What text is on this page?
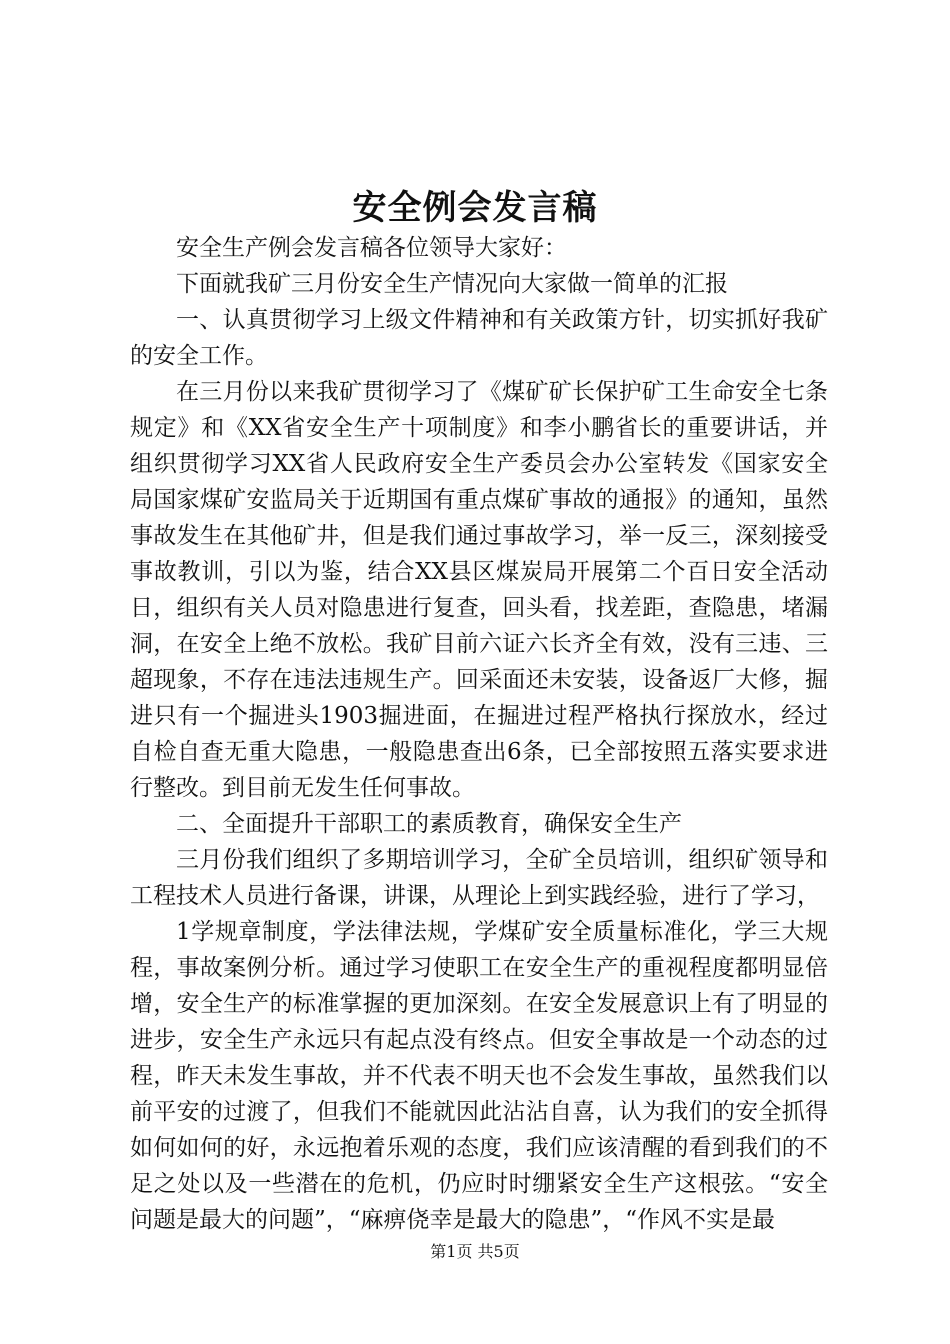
安全例会发言稿

安全生产例会发言稿各位领导大家好：

下面就我矿三月份安全生产情况向大家做一简单的汇报

一、认真贯彻学习上级文件精神和有关政策方针，切实抓好我矿的安全工作。

在三月份以来我矿贯彻学习了《煤矿矿长保护矿工生命安全七条规定》和《XX省安全生产十项制度》和李小鹏省长的重要讲话，并组织贯彻学习XX省人民政府安全生产委员会办公室转发《国家安全局国家煤矿安监局关于近期国有重点煤矿事故的通报》的通知，虽然事故发生在其他矿井，但是我们通过事故学习，举一反三，深刻接受事故教训，引以为鉴，结合XX县区煤炭局开展第二个百日安全活动日，组织有关人员对隐患进行复查，回头看，找差距，查隐患，堵漏洞，在安全上绝不放松。我矿目前六证六长齐全有效，没有三违、三超现象，不存在违法违规生产。回采面还未安装，设备返厂大修，掘进只有一个掘进头1903掘进面，在掘进过程严格执行探放水，经过自检自查无重大隐患，一般隐患查出6条，已全部按照五落实要求进行整改。到目前无发生任何事故。

二、全面提升干部职工的素质教育，确保安全生产

三月份我们组织了多期培训学习，全矿全员培训，组织矿领导和工程技术人员进行备课，讲课，从理论上到实践经验，进行了学习，

1学规章制度，学法律法规，学煤矿安全质量标准化，学三大规程，事故案例分析。通过学习使职工在安全生产的重视程度都明显倍增，安全生产的标准掌握的更加深刻。在安全发展意识上有了明显的进步，安全生产永远只有起点没有终点。但安全事故是一个动态的过程，昨天未发生事故，并不代表不明天也不会发生事故，虽然我们以前平安的过渡了，但我们不能就因此沾沾自喜，认为我们的安全抓得如何如何的好，永远抱着乐观的态度，我们应该清醒的看到我们的不足之处以及一些潜在的危机，仍应时时绷紧安全生产这根弦。“安全问题是最大的问题”，“麻痹侥幸是最大的隐患”，“作风不实是最

第1页 共5页
